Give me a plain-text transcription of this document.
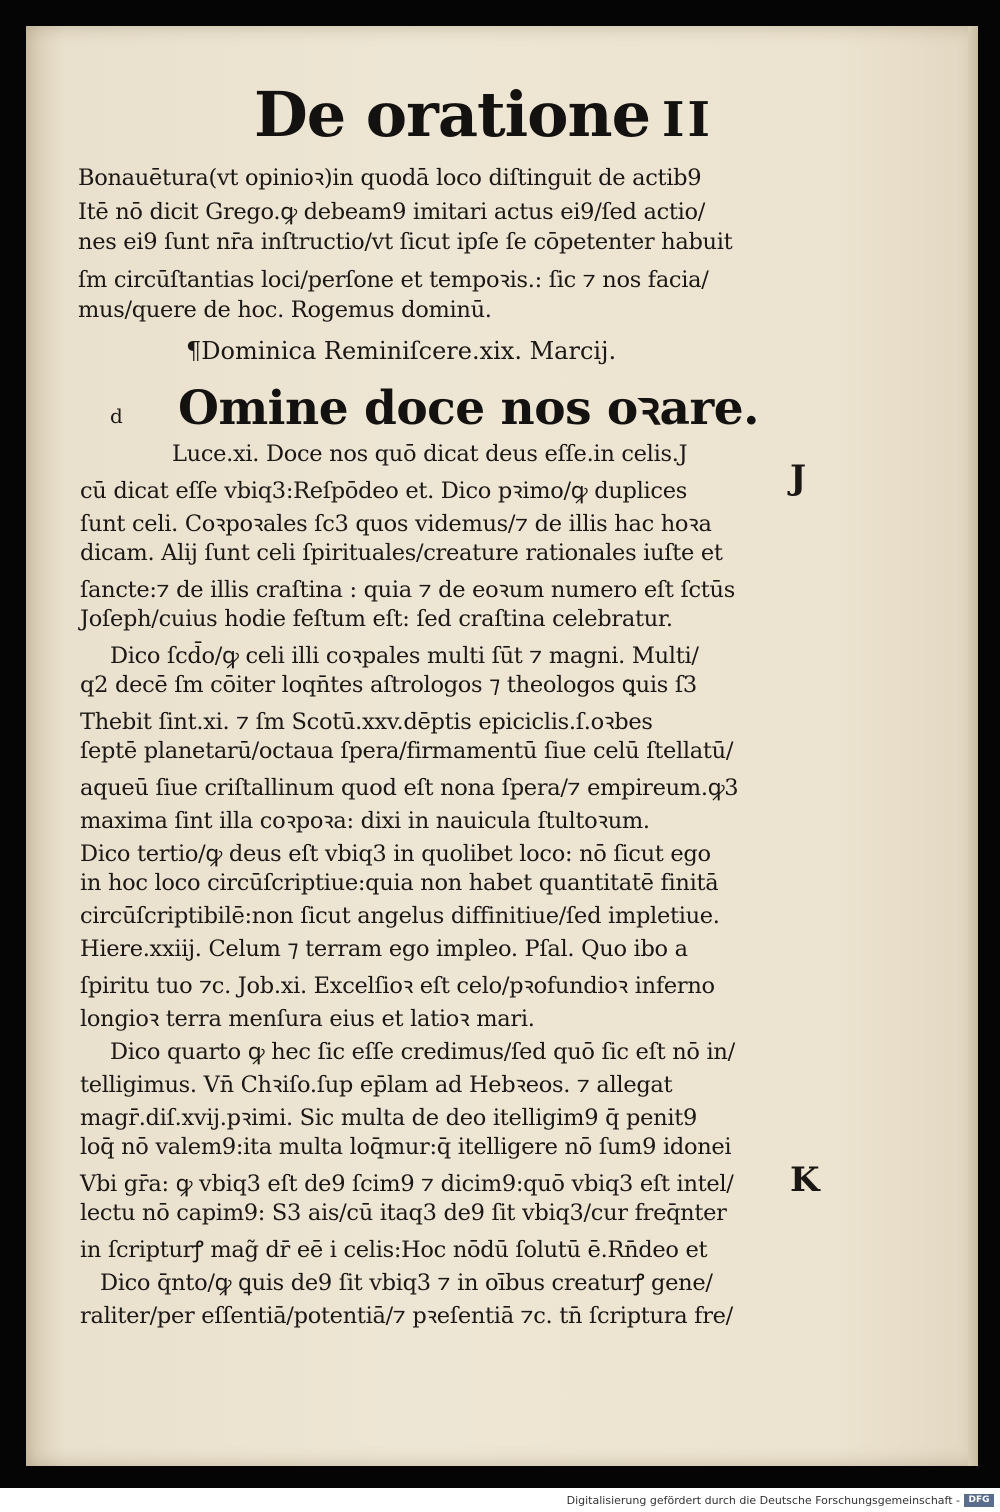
De oratione II
Bonauētura(vt opinioꝛ)in quodā loco diſtinguit de actib9
Itē nō dicit Grego.ꝙ debeam9 imitari actus ei9/ſed actio/
nes ei9 ſunt nr̄a inſtructio/vt ſicut ipſe ſe cōpetenter habuit
ſm circūſtantias loci/perſone et tempoꝛis.: ſic ⁊ nos facia/
mus/quere de hoc. Rogemus dominū.
¶Dominica Reminiſcere.xix. Marcij.
d Omine doce nos oꝛare.
Luce.xi. Doce nos quō dicat deus eſſe.in celis.J
cū dicat eſſe vbiq3:Reſpōdeo et. Dico pꝛimo/ꝙ duplices
ſunt celi. Coꝛpoꝛales ſc3 quos videmus/⁊ de illis hac hoꝛa
dicam. Alij ſunt celi ſpirituales/creature rationales iuſte et
ſancte:⁊ de illis craſtina : quia ⁊ de eoꝛum numero eſt ſctūs
Joſeph/cuius hodie feſtum eſt: ſed craſtina celebratur.
Dico ſcd̄o/ꝙ celi illi coꝛpales multi ſūt ⁊ magni. Multi/
q2 decē ſm cōiter loqn̄tes aſtrologos ⁊ theologos ꝗuis ſ3
Thebit ſint.xi. ⁊ ſm Scotū.xxv.dēptis epiciclis.ſ.oꝛbes
ſeptē planetarū/octaua ſpera/firmamentū ſiue celū ſtellatū/
aqueū ſiue criſtallinum quod eſt nona ſpera/⁊ empireum.ꝙ3
maxima ſint illa coꝛpoꝛa: dixi in nauicula ſtultoꝛum.
Dico tertio/ꝙ deus eſt vbiq3 in quolibet loco: nō ſicut ego
in hoc loco circūſcriptiue:quia non habet quantitatē finitā
circūſcriptibilē:non ſicut angelus diffinitiue/ſed impletiue.
Hiere.xxiij. Celum ⁊ terram ego impleo. Pſal. Quo ibo a
ſpiritu tuo ⁊c. Job.xi. Excelſioꝛ eſt celo/pꝛofundioꝛ inferno
longioꝛ terra menſura eius et latioꝛ mari.
Dico quarto ꝙ hec ſic eſſe credimus/ſed quō ſic eſt nō in/
telligimus. Vn̄ Chꝛiſo.ſup ep̄lam ad Hebꝛeos. ⁊ allegat
magr̄.diſ.xvij.pꝛimi. Sic multa de deo itelligim9 q̄ penit9
loq̄ nō valem9:ita multa loq̄mur:q̄ itelligere nō ſum9 idonei
Vbi gr̄a: ꝙ vbiq3 eſt de9 ſcim9 ⁊ dicim9:quō vbiq3 eſt intel/
lectu nō capim9: S3 ais/cū itaq3 de9 ſit vbiq3/cur freq̄nter
in ſcripturꝭ mag̃ dr̄ eē i celis:Hoc nōdū ſolutū ē.Rn̄deo et
Dico q̄nto/ꝙ ꝗuis de9 ſit vbiq3 ⁊ in oībus creaturꝭ gene/
raliter/per eſſentiā/potentiā/⁊ pꝛeſentiā ⁊c. tn̄ ſcriptura fre/
J
K
Digitalisierung gefördert durch die Deutsche Forschungsgemeinschaft - DFG
